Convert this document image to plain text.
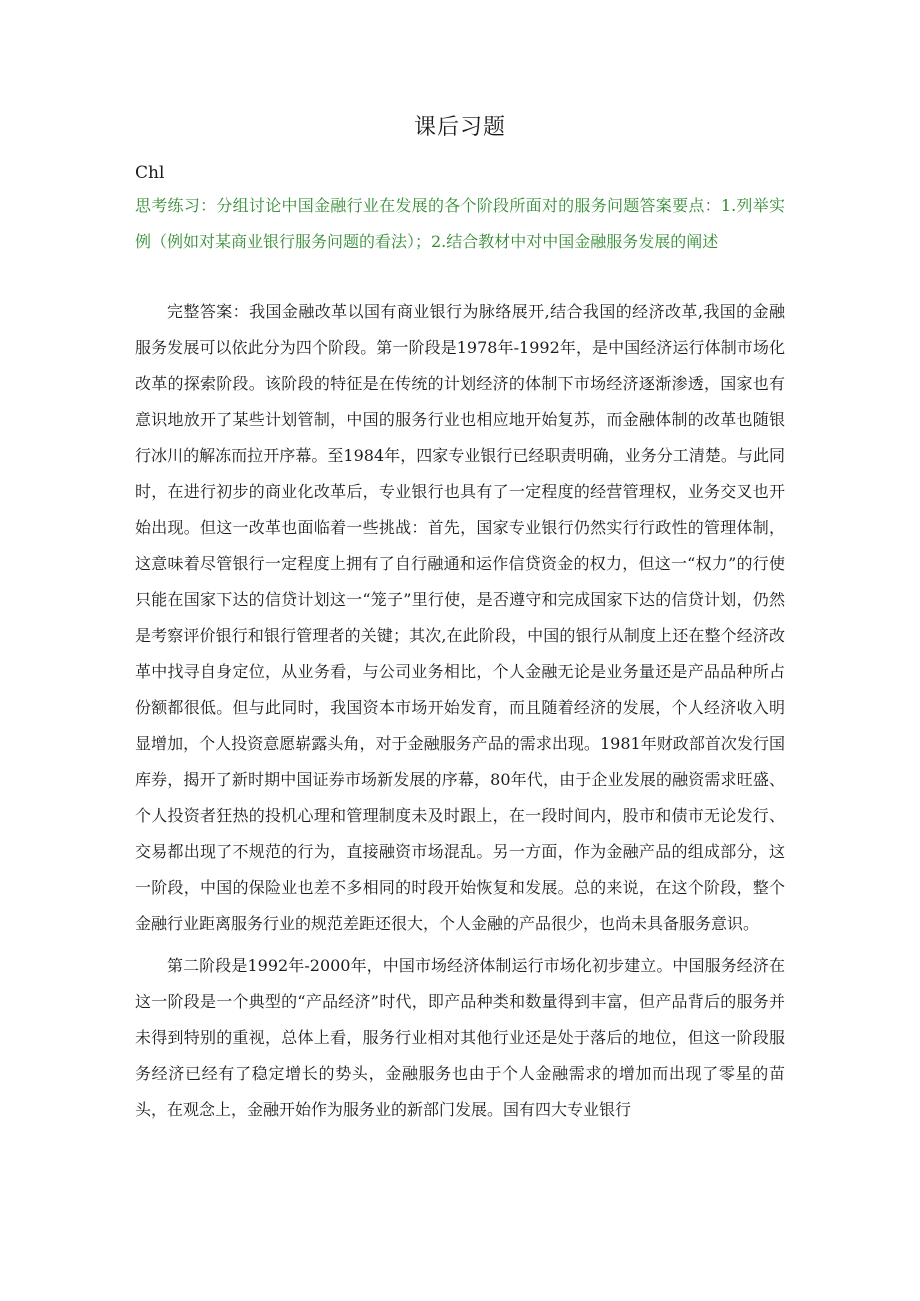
课后习题
Chl
思考练习：分组讨论中国金融行业在发展的各个阶段所面对的服务问题答案要点：1.列举实例（例如对某商业银行服务问题的看法）；2.结合教材中对中国金融服务发展的阐述

完整答案：我国金融改革以国有商业银行为脉络展开,结合我国的经济改革,我国的金融服务发展可以依此分为四个阶段。第一阶段是1978年-1992年，是中国经济运行体制市场化改革的探索阶段。该阶段的特征是在传统的计划经济的体制下市场经济逐渐渗透，国家也有意识地放开了某些计划管制，中国的服务行业也相应地开始复苏，而金融体制的改革也随银行冰川的解冻而拉开序幕。至1984年，四家专业银行已经职责明确，业务分工清楚。与此同时，在进行初步的商业化改革后，专业银行也具有了一定程度的经营管理权，业务交叉也开始出现。但这一改革也面临着一些挑战：首先，国家专业银行仍然实行行政性的管理体制，这意味着尽管银行一定程度上拥有了自行融通和运作信贷资金的权力，但这一“权力”的行使只能在国家下达的信贷计划这一“笼子”里行使，是否遵守和完成国家下达的信贷计划，仍然是考察评价银行和银行管理者的关键；其次,在此阶段，中国的银行从制度上还在整个经济改革中找寻自身定位，从业务看，与公司业务相比，个人金融无论是业务量还是产品品种所占份额都很低。但与此同时，我国资本市场开始发育，而且随着经济的发展，个人经济收入明显增加，个人投资意愿崭露头角，对于金融服务产品的需求出现。1981年财政部首次发行国库券，揭开了新时期中国证券市场新发展的序幕，80年代，由于企业发展的融资需求旺盛、个人投资者狂热的投机心理和管理制度未及时跟上，在一段时间内，股市和债市无论发行、交易都出现了不规范的行为，直接融资市场混乱。另一方面，作为金融产品的组成部分，这一阶段，中国的保险业也差不多相同的时段开始恢复和发展。总的来说，在这个阶段，整个金融行业距离服务行业的规范差距还很大，个人金融的产品很少，也尚未具备服务意识。

第二阶段是1992年-2000年，中国市场经济体制运行市场化初步建立。中国服务经济在这一阶段是一个典型的“产品经济”时代，即产品种类和数量得到丰富，但产品背后的服务并未得到特别的重视，总体上看，服务行业相对其他行业还是处于落后的地位，但这一阶段服务经济已经有了稳定增长的势头，金融服务也由于个人金融需求的增加而出现了零星的苗头，在观念上，金融开始作为服务业的新部门发展。国有四大专业银行
